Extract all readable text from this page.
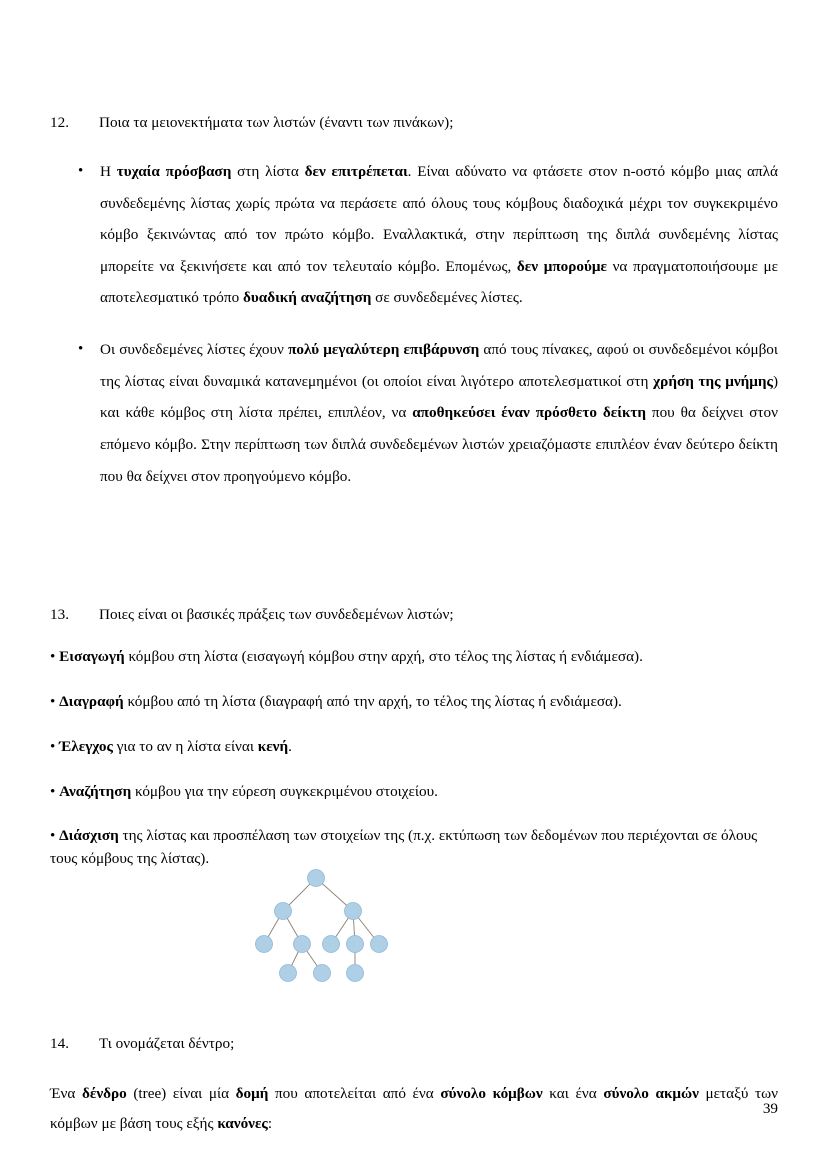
12.	Ποια τα μειονεκτήματα των λιστών (έναντι των πινάκων);
•	Η τυχαία πρόσβαση στη λίστα δεν επιτρέπεται. Είναι αδύνατο να φτάσετε στον n-οστό κόμβο μιας απλά συνδεδεμένης λίστας χωρίς πρώτα να περάσετε από όλους τους κόμβους διαδοχικά μέχρι τον συγκεκριμένο κόμβο ξεκινώντας από τον πρώτο κόμβο. Εναλλακτικά, στην περίπτωση της διπλά συνδεμένης λίστας μπορείτε να ξεκινήσετε και από τον τελευταίο κόμβο. Επομένως, δεν μπορούμε να πραγματοποιήσουμε με αποτελεσματικό τρόπο δυαδική αναζήτηση σε συνδεδεμένες λίστες.
•	Οι συνδεδεμένες λίστες έχουν πολύ μεγαλύτερη επιβάρυνση από τους πίνακες, αφού οι συνδεδεμένοι κόμβοι της λίστας είναι δυναμικά κατανεμημένοι (οι οποίοι είναι λιγότερο αποτελεσματικοί στη χρήση της μνήμης) και κάθε κόμβος στη λίστα πρέπει, επιπλέον, να αποθηκεύσει έναν πρόσθετο δείκτη που θα δείχνει στον επόμενο κόμβο. Στην περίπτωση των διπλά συνδεδεμένων λιστών χρειαζόμαστε επιπλέον έναν δεύτερο δείκτη που θα δείχνει στον προηγούμενο κόμβο.
13.	Ποιες είναι οι βασικές πράξεις των συνδεδεμένων λιστών;
• Εισαγωγή κόμβου στη λίστα (εισαγωγή κόμβου στην αρχή, στο τέλος της λίστας ή ενδιάμεσα).
• Διαγραφή κόμβου από τη λίστα (διαγραφή από την αρχή, το τέλος της λίστας ή ενδιάμεσα).
• Έλεγχος για το αν η λίστα είναι κενή.
• Αναζήτηση κόμβου για την εύρεση συγκεκριμένου στοιχείου.
• Διάσχιση της λίστας και προσπέλαση των στοιχείων της (π.χ. εκτύπωση των δεδομένων που περιέχονται σε όλους τους κόμβους της λίστας).
14.	Τι ονομάζεται δέντρο;
Ένα δένδρο (tree) είναι μία δομή που αποτελείται από ένα σύνολο κόμβων και ένα σύνολο ακμών μεταξύ των κόμβων με βάση τους εξής κανόνες:
39
